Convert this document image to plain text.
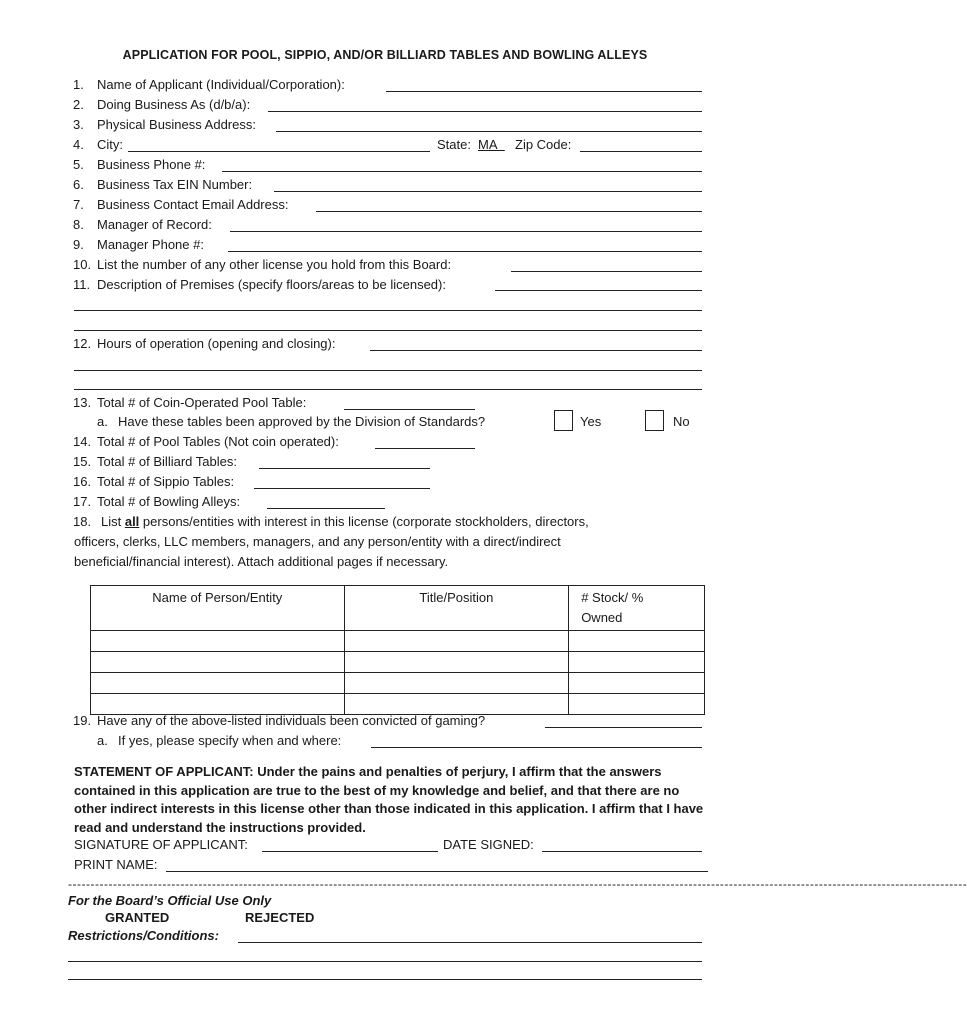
APPLICATION FOR POOL, SIPPIO, AND/OR BILLIARD TABLES AND BOWLING ALLEYS
1. Name of Applicant (Individual/Corporation):
2. Doing Business As (d/b/a):
3. Physical Business Address:
4. City:	State: MA	Zip Code:
5. Business Phone #:
6. Business Tax EIN Number:
7. Business Contact Email Address:
8. Manager of Record:
9. Manager Phone #:
10. List the number of any other license you hold from this Board:
11. Description of Premises (specify floors/areas to be licensed):
12. Hours of operation (opening and closing):
13. Total # of Coin-Operated Pool Table:
a. Have these tables been approved by the Division of Standards?	Yes	No
14. Total # of Pool Tables (Not coin operated):
15. Total # of Billiard Tables:
16. Total # of Sippio Tables:
17. Total # of Bowling Alleys:
18. List all persons/entities with interest in this license (corporate stockholders, directors,
officers, clerks, LLC members, managers, and any person/entity with a direct/indirect
beneficial/financial interest). Attach additional pages if necessary.
Name of Person/Entity	Title/Position	# Stock/ %
Owned

19. Have any of the above-listed individuals been convicted of gaming?
a. If yes, please specify when and where:
STATEMENT OF APPLICANT: Under the pains and penalties of perjury, I affirm that the answers contained in this application are true to the best of my knowledge and belief, and that there are no other indirect interests in this license other than those indicated in this application. I affirm that I have read and understand the instructions provided.
SIGNATURE OF APPLICANT:	DATE SIGNED:
PRINT NAME:
--------------------------------------------------------------------------------------------------------------------------------------------------------------------------------------------------------
For the Board’s Official Use Only
GRANTED	REJECTED
Restrictions/Conditions:
